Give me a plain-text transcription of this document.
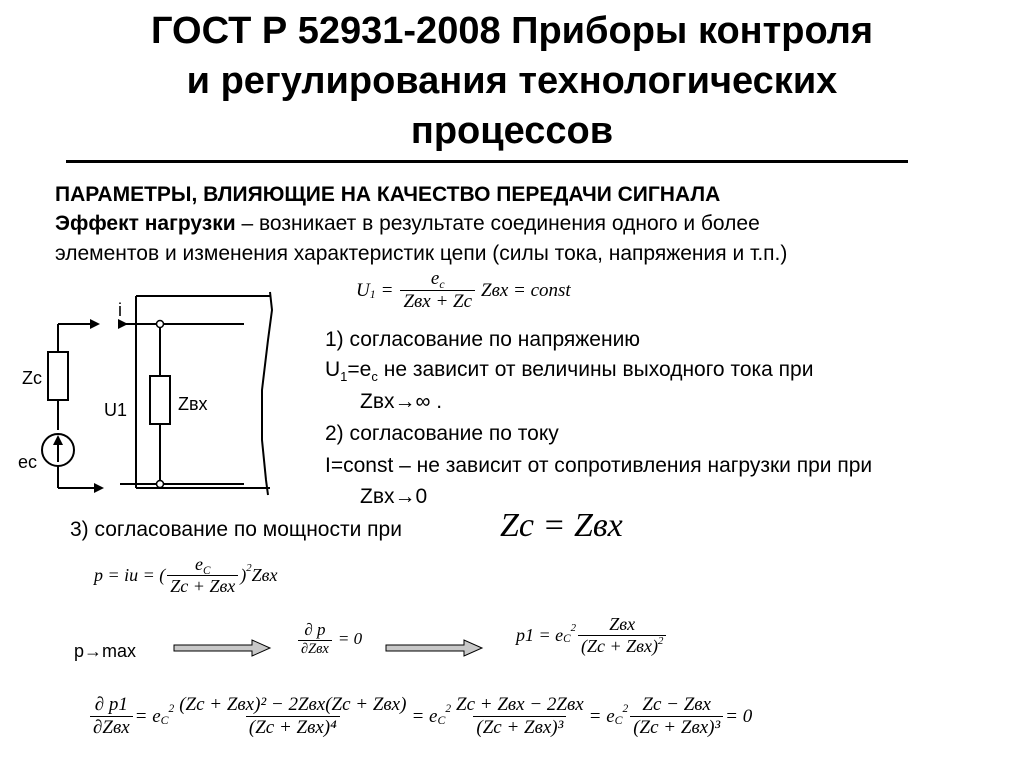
ГОСТ Р 52931-2008 Приборы контроля
и регулирования технологических
процессов
ПАРАМЕТРЫ, ВЛИЯЮЩИЕ НА КАЧЕСТВО ПЕРЕДАЧИ СИГНАЛА
Эффект нагрузки – возникает в результате соединения одного и более
элементов и изменения характеристик цепи (силы тока, напряжения и т.п.)
Zc
ec
i
U1	Zвx
U $1 = \frac{e_c}{\text{Zвx + Zc}}$ Zвx = const
1) согласование по напряжению
$U_1=e_c$ не зависит от величины выходного тока при
Zвх→∞ .
2) согласование по току
I=const – не зависит от сопротивления нагрузки при при
Zвх→0
3) согласование по мощности при	Zc = Zвx
p = iu = ( $\frac{e_C}{\text{Zc + Zвx}}$ ) 2 Zвx
p→max	$\frac{\partial p}{\text{∂Zвx}} = 0$	p1 = e C
$2 \frac{\text{Zвx}}{(Zc + Zвx)^2}$
$\frac{\partial p1}{\text{∂Zвx}} = e$ C
$2 \frac{\text{(Zc + Zвx)² − 2Zвx(Zc + Zвx)}}{\text{(Zc + Zвx)⁴}} = e$ C
$2 \frac{\text{Zc + Zвx − 2Zвx}}{\text{(Zc + Zвx)³}} = e$ C
$2 \frac{\text{Zc − Zвx}}{\text{(Zc + Zвx)³}} = 0$
